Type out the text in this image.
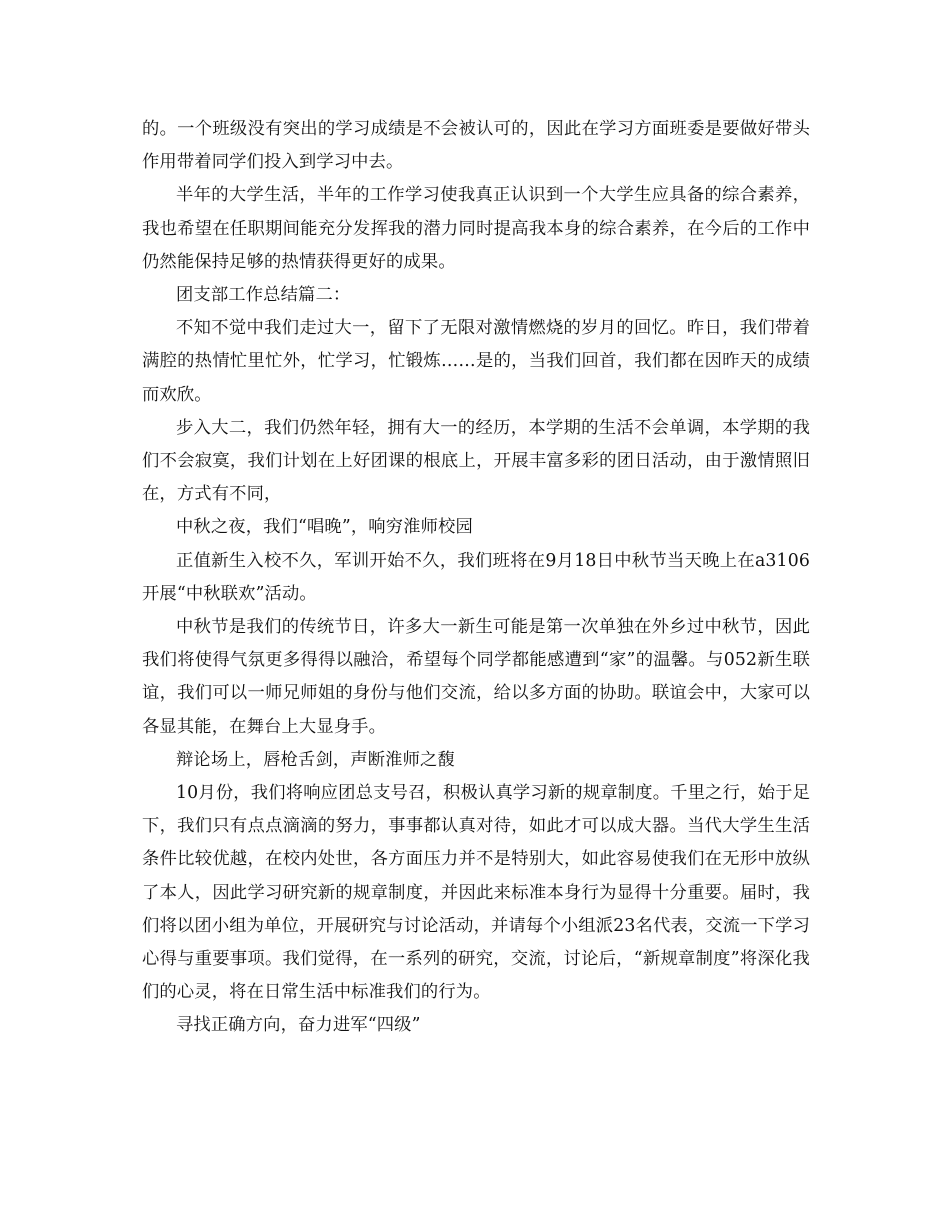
的。一个班级没有突出的学习成绩是不会被认可的，因此在学习方面班委是要做好带头作用带着同学们投入到学习中去。

半年的大学生活，半年的工作学习使我真正认识到一个大学生应具备的综合素养，我也希望在任职期间能充分发挥我的潜力同时提高我本身的综合素养，在今后的工作中仍然能保持足够的热情获得更好的成果。

团支部工作总结篇二：

不知不觉中我们走过大一，留下了无限对激情燃烧的岁月的回忆。昨日，我们带着满腔的热情忙里忙外，忙学习，忙锻炼……是的，当我们回首，我们都在因昨天的成绩而欢欣。

步入大二，我们仍然年轻，拥有大一的经历，本学期的生活不会单调，本学期的我们不会寂寞，我们计划在上好团课的根底上，开展丰富多彩的团日活动，由于激情照旧在，方式有不同，

中秋之夜，我们“唱晚”，响穷淮师校园

正值新生入校不久，军训开始不久，我们班将在9月18日中秋节当天晚上在a3106开展“中秋联欢”活动。

中秋节是我们的传统节日，许多大一新生可能是第一次单独在外乡过中秋节，因此我们将使得气氛更多得得以融洽，希望每个同学都能感遭到“家”的温馨。与052新生联谊，我们可以一师兄师姐的身份与他们交流，给以多方面的协助。联谊会中，大家可以各显其能，在舞台上大显身手。

辩论场上，唇枪舌剑，声断淮师之馥

10月份，我们将响应团总支号召，积极认真学习新的规章制度。千里之行，始于足下，我们只有点点滴滴的努力，事事都认真对待，如此才可以成大器。当代大学生生活条件比较优越，在校内处世，各方面压力并不是特别大，如此容易使我们在无形中放纵了本人，因此学习研究新的规章制度，并因此来标准本身行为显得十分重要。届时，我们将以团小组为单位，开展研究与讨论活动，并请每个小组派23名代表，交流一下学习心得与重要事项。我们觉得，在一系列的研究，交流，讨论后，“新规章制度”将深化我们的心灵，将在日常生活中标准我们的行为。

寻找正确方向，奋力进军“四级”
